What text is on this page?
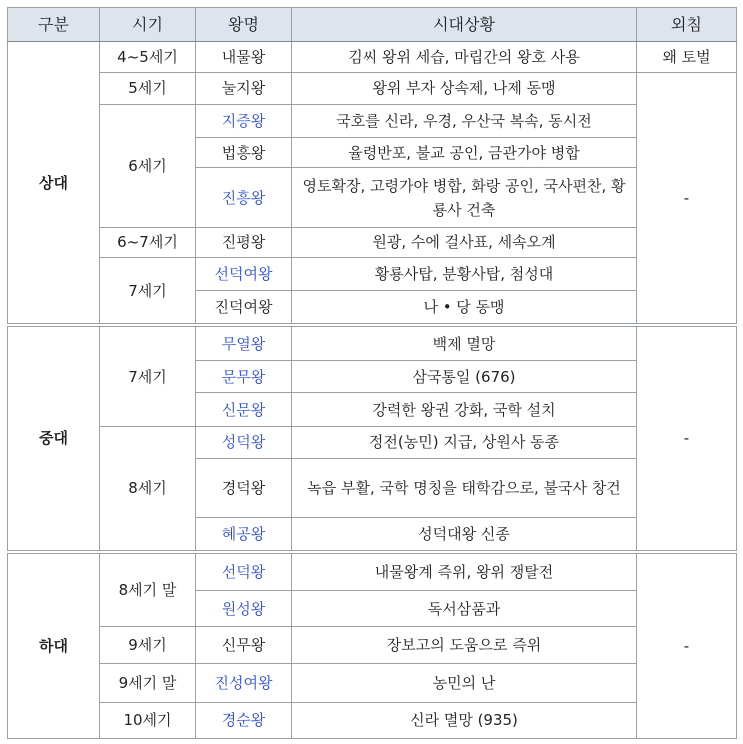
구분	시기	왕명	시대상황	외침
상대	4~5세기	내물왕	김씨 왕위 세습, 마립간의 왕호 사용	왜 토벌
	5세기	눌지왕	왕위 부자 상속제, 나제 동맹	-
	6세기	지증왕	국호를 신라, 우경, 우산국 복속, 동시전	
		법흥왕	율령반포, 불교 공인, 금관가야 병합	
		진흥왕	영토확장, 고령가야 병합, 화랑 공인, 국사편찬, 황룡사 건축	
	6~7세기	진평왕	원광, 수에 걸사표, 세속오계	
	7세기	선덕여왕	황룡사탑, 분황사탑, 첨성대	
		진덕여왕	나 • 당 동맹	
중대	7세기	무열왕	백제 멸망	-
		문무왕	삼국통일 (676)	
		신문왕	강력한 왕권 강화, 국학 설치	
	8세기	성덕왕	정전(농민) 지급, 상원사 동종	
		경덕왕	녹읍 부활, 국학 명칭을 태학감으로, 불국사 창건	
		혜공왕	성덕대왕 신종	
하대	8세기 말	선덕왕	내물왕계 즉위, 왕위 쟁탈전	-
		원성왕	독서삼품과	
	9세기	신무왕	장보고의 도움으로 즉위	
	9세기 말	진성여왕	농민의 난	
	10세기	경순왕	신라 멸망 (935)	
